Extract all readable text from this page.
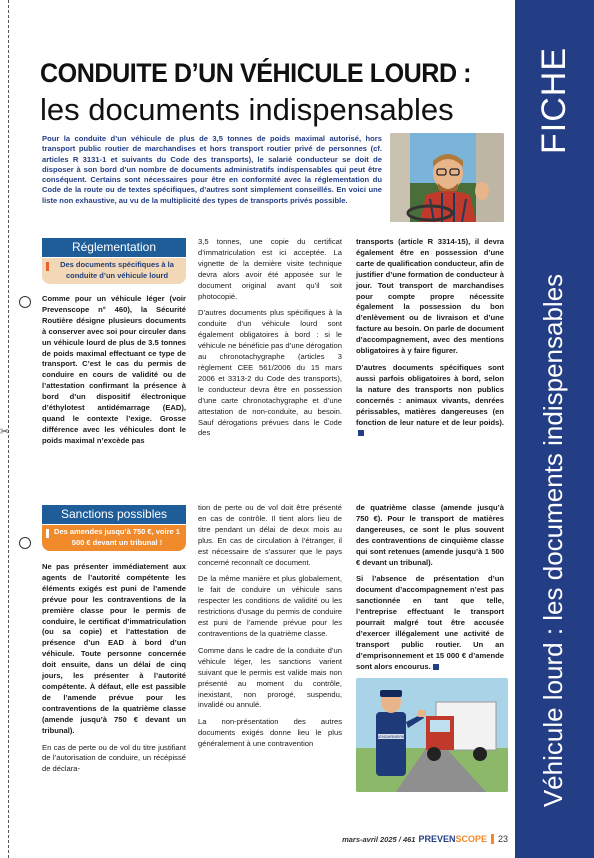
✂
FICHE
Véhicule lourd : les documents indispensables
CONDUITE D’UN VÉHICULE LOURD :
les documents indispensables
Pour la conduite d’un véhicule de plus de 3,5 tonnes de poids maximal autorisé, hors transport public routier de marchandises et hors transport routier privé de personnes (cf. articles R 3131-1 et suivants du Code des transports), le salarié conducteur se doit de disposer à son bord d’un nombre de documents administratifs indispensables qui peut être conséquent. Certains sont nécessaires pour être en conformité avec la réglementation du Code de la route ou de textes spécifiques, d’autres sont simplement conseillés. En voici une liste non exhaustive, au vu de la multiplicité des types de transports privés possible.
Réglementation
Des documents spécifiques à la conduite d’un véhicule lourd

Comme pour un véhicule léger (voir Prevenscope n° 460), la Sécurité Routière désigne plusieurs documents à conserver avec soi pour circuler dans un véhicule lourd de plus de 3.5 tonnes de poids maximal effectuant ce type de transport. C’est le cas du permis de conduire en cours de validité ou de l’attestation confirmant la présence à bord d’un dispositif électronique d’éthylotest antidémarrage (EAD), quand le contexte l’exige. Grosse différence avec les véhicules dont le poids maximal n’excède pas

3,5 tonnes, une copie du certificat d’immatriculation est ici acceptée. La vignette de la dernière visite technique devra alors avoir été apposée sur le document original avant qu’il soit photocopié.

D’autres documents plus spécifiques à la conduite d’un véhicule lourd sont également obligatoires à bord : si le véhicule ne bénéficie pas d’une dérogation au chronotachygraphe (articles 3 règlement CEE 561/2006 du 15 mars 2006 et 3313-2 du Code des transports), le conducteur devra être en possession d’une carte chronotachygraphe et d’une attestation de non-conduite, au besoin. Sauf dérogations prévues dans le Code des

transports (article R 3314-15), il devra également être en possession d’une carte de qualification conducteur, afin de justifier d’une formation de conducteur à jour. Tout transport de marchandises pour compte propre nécessite également la possession du bon d’enlèvement ou de livraison et d’une facture au besoin. On parle de document d’accompagnement, avec des mentions obligatoires à y faire figurer.

D’autres documents spécifiques sont aussi parfois obligatoires à bord, selon la nature des transports non publics concernés : animaux vivants, denrées périssables, matières dangereuses (en fonction de leur nature et de leur poids).

Sanctions possibles
Des amendes jusqu’à 750 €, voire 1 500 € devant un tribunal !

Ne pas présenter immédiatement aux agents de l’autorité compétente les éléments exigés est puni de l’amende prévue pour les contraventions de la première classe pour le permis de conduire, le certificat d’immatriculation (ou sa copie) et l’attestation de présence d’un EAD à bord d’un véhicule. Toute personne concernée doit ensuite, dans un délai de cinq jours, les présenter à l’autorité compétente. À défaut, elle est passible de l’amende prévue pour les contraventions de la quatrième classe (amende jusqu’à 750 € devant un tribunal).

En cas de perte ou de vol du titre justifiant de l’autorisation de conduire, un récépissé de déclara-

tion de perte ou de vol doit être présenté en cas de contrôle. Il tient alors lieu de titre pendant un délai de deux mois au plus. En cas de circulation à l’étranger, il est nécessaire de s’assurer que le pays concerné reconnaît ce document.

De la même manière et plus globalement, le fait de conduire un véhicule sans respecter les conditions de validité ou les restrictions d’usage du permis de conduire est puni de l’amende prévue pour les contraventions de la quatrième classe.

Comme dans le cadre de la conduite d’un véhicule léger, les sanctions varient suivant que le permis est valide mais non présenté au moment du contrôle, inexistant, non prorogé, suspendu, invalidé ou annulé.

La non-présentation des autres documents exigés donne lieu le plus généralement à une contravention

de quatrième classe (amende jusqu’à 750 €). Pour le transport de matières dangereuses, ce sont le plus souvent des contraventions de cinquième classe qui sont retenues (amende jusqu’à 1 500 € devant un tribunal).

Si l’absence de présentation d’un document d’accompagnement n’est pas sanctionnée en tant que telle, l’entreprise effectuant le transport pourrait malgré tout être accusée d’exercer illégalement une activité de transport public routier. Un an d’emprisonnement et 15 000 € d’amende sont alors encourus.

GENDARMERIE
mars-avril 2025 / 461 PREVENSCOPE 23
